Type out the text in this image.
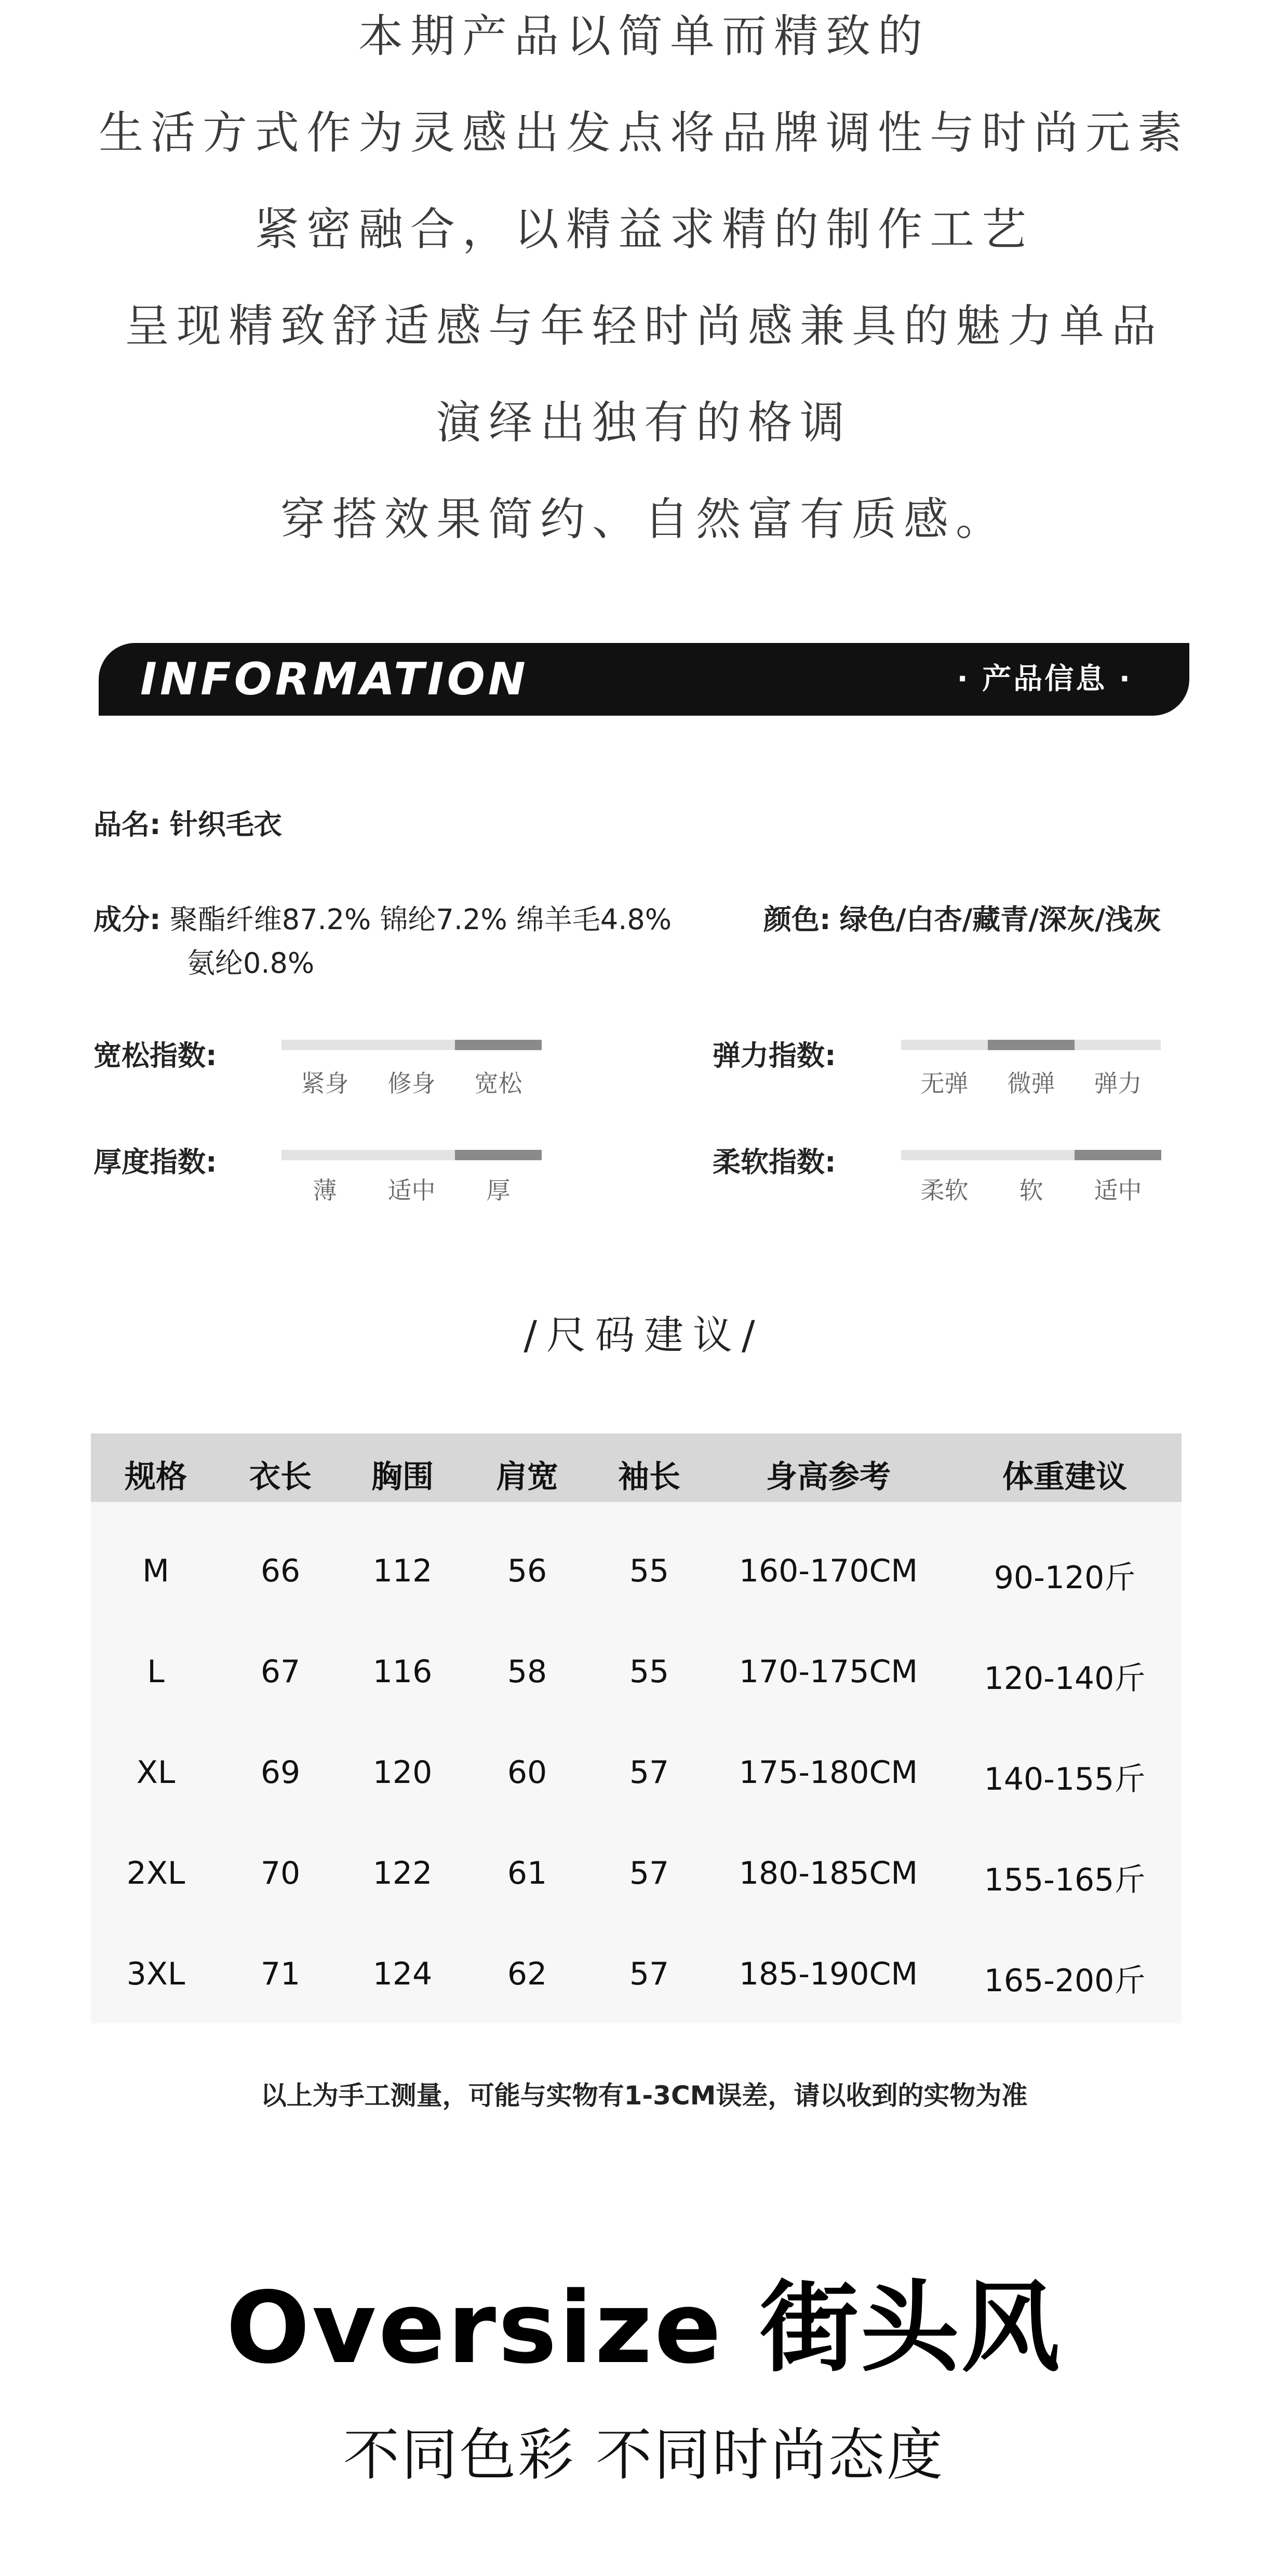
本期产品以简单而精致的
生活方式作为灵感出发点将品牌调性与时尚元素
紧密融合，以精益求精的制作工艺
呈现精致舒适感与年轻时尚感兼具的魅力单品
演绎出独有的格调
穿搭效果简约、自然富有质感。
INFORMATION	· 产品信息 ·
品名: 针织毛衣
成分: 聚酯纤维87.2% 锦纶7.2% 绵羊毛4.8%
氨纶0.8%
颜色: 绿色/白杏/藏青/深灰/浅灰
宽松指数:
紧身	修身	宽松
弹力指数:
无弹	微弹	弹力
厚度指数:
薄	适中	厚
柔软指数:
柔软	软	适中
/尺码建议/
规格	衣长	胸围	肩宽	袖长	身高参考	体重建议
M	66	112	56	55	160-170CM	90-120斤
L	67	116	58	55	170-175CM	120-140斤
XL	69	120	60	57	175-180CM	140-155斤
2XL	70	122	61	57	180-185CM	155-165斤
3XL	71	124	62	57	185-190CM	165-200斤
以上为手工测量，可能与实物有1-3CM误差，请以收到的实物为准
Oversize 街头风
不同色彩 不同时尚态度
